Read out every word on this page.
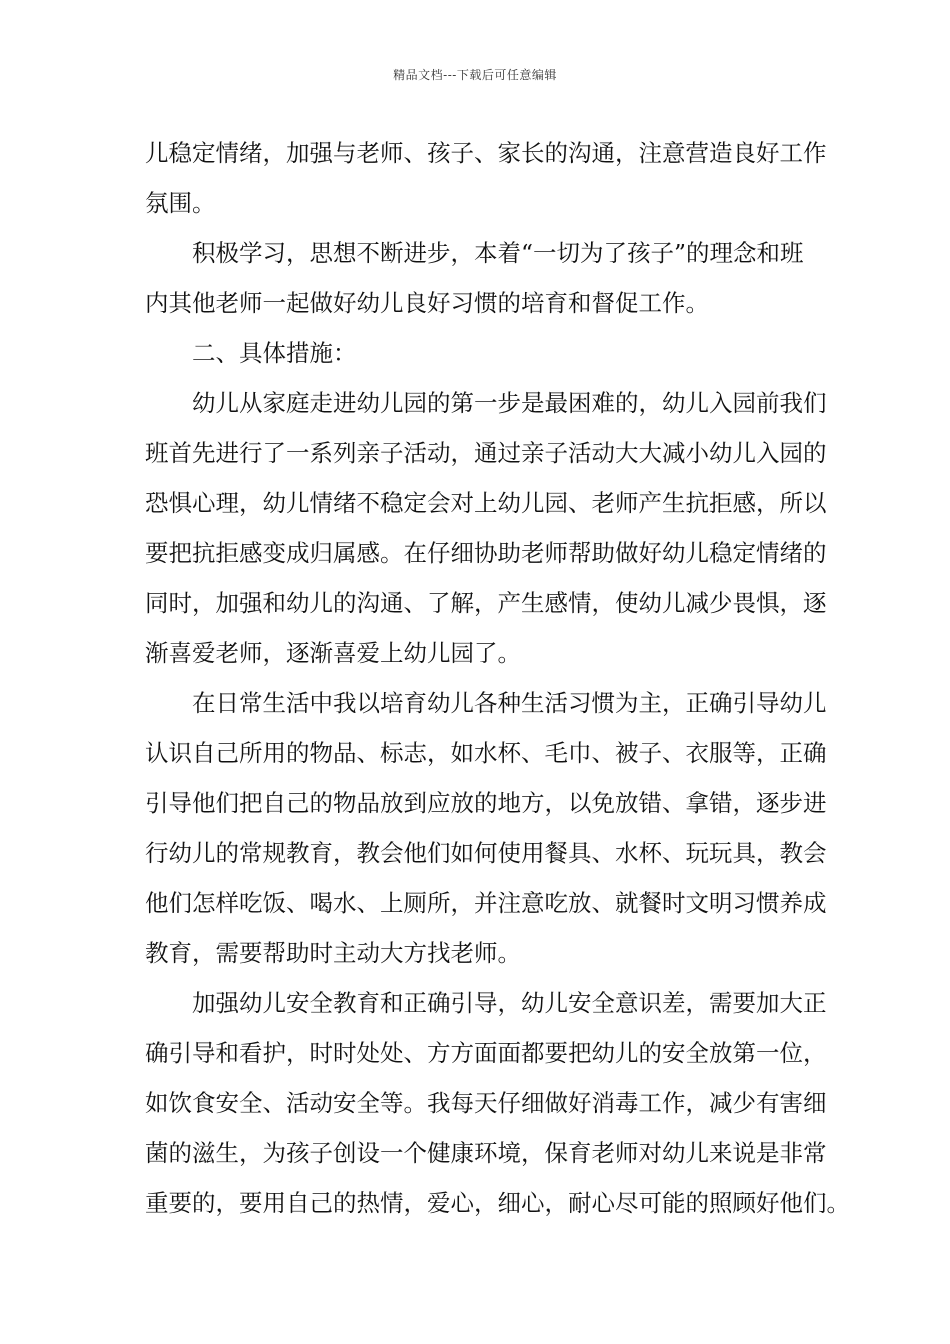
精品文档---下载后可任意编辑

儿稳定情绪，加强与老师、孩子、家长的沟通，注意营造良好工作
氛围。

积极学习，思想不断进步，本着“一切为了孩子”的理念和班
内其他老师一起做好幼儿良好习惯的培育和督促工作。

二、具体措施：

幼儿从家庭走进幼儿园的第一步是最困难的，幼儿入园前我们
班首先进行了一系列亲子活动，通过亲子活动大大减小幼儿入园的
恐惧心理，幼儿情绪不稳定会对上幼儿园、老师产生抗拒感，所以
要把抗拒感变成归属感。在仔细协助老师帮助做好幼儿稳定情绪的
同时，加强和幼儿的沟通、了解，产生感情，使幼儿减少畏惧，逐
渐喜爱老师，逐渐喜爱上幼儿园了。

在日常生活中我以培育幼儿各种生活习惯为主，正确引导幼儿
认识自己所用的物品、标志，如水杯、毛巾、被子、衣服等，正确
引导他们把自己的物品放到应放的地方，以免放错、拿错，逐步进
行幼儿的常规教育，教会他们如何使用餐具、水杯、玩玩具，教会
他们怎样吃饭、喝水、上厕所，并注意吃放、就餐时文明习惯养成
教育，需要帮助时主动大方找老师。

加强幼儿安全教育和正确引导，幼儿安全意识差，需要加大正
确引导和看护，时时处处、方方面面都要把幼儿的安全放第一位，
如饮食安全、活动安全等。我每天仔细做好消毒工作，减少有害细
菌的滋生，为孩子创设一个健康环境，保育老师对幼儿来说是非常
重要的，要用自己的热情，爱心，细心，耐心尽可能的照顾好他们。
